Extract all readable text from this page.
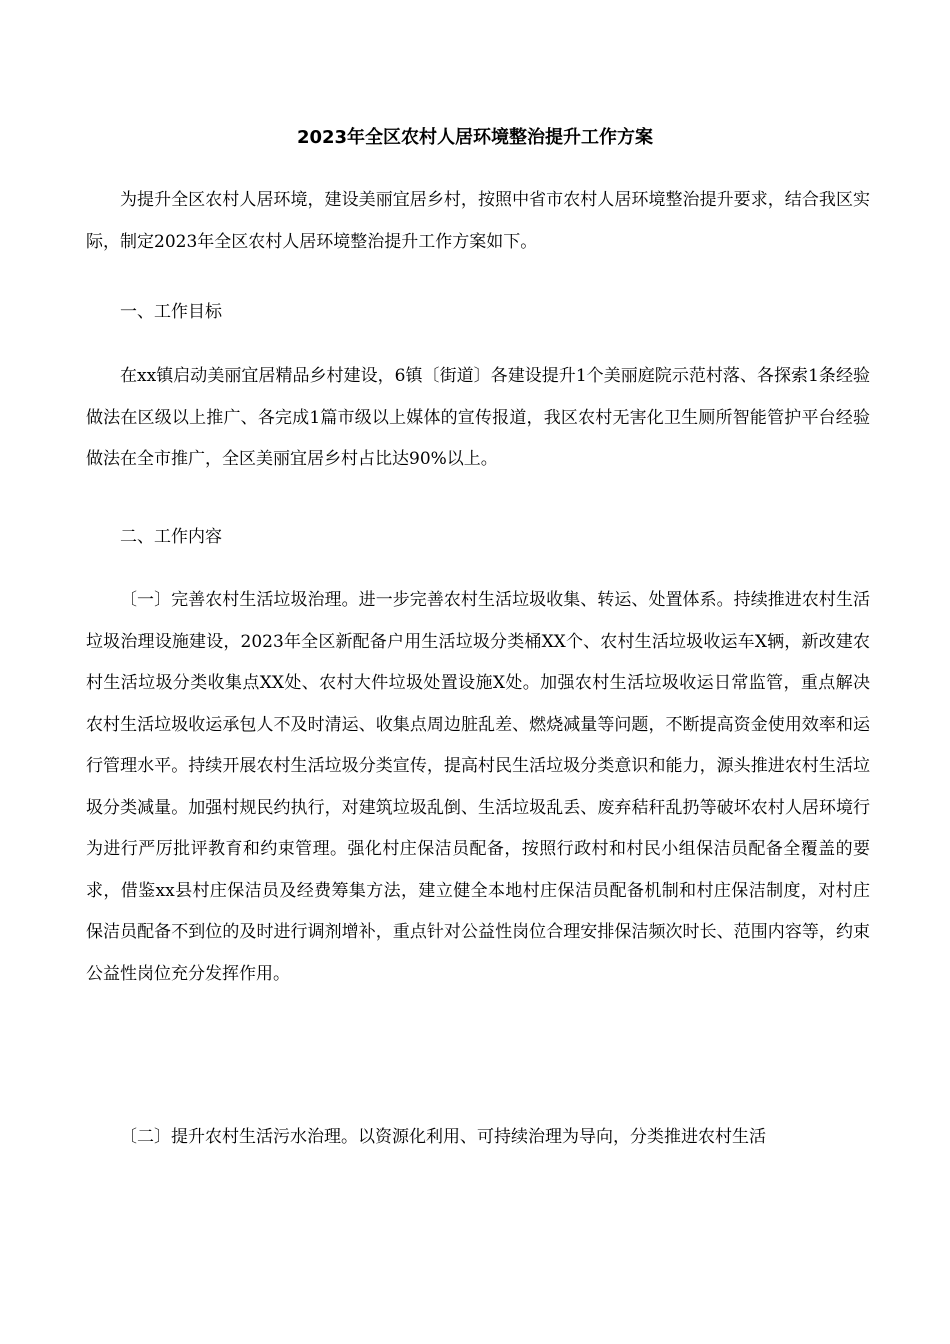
2023年全区农村人居环境整治提升工作方案

为提升全区农村人居环境，建设美丽宜居乡村，按照中省市农村人居环境整治提升要求，结合我区实际，制定2023年全区农村人居环境整治提升工作方案如下。

一、工作目标

在xx镇启动美丽宜居精品乡村建设，6镇〔街道〕各建设提升1个美丽庭院示范村落、各探索1条经验做法在区级以上推广、各完成1篇市级以上媒体的宣传报道，我区农村无害化卫生厕所智能管护平台经验做法在全市推广，全区美丽宜居乡村占比达90%以上。

二、工作内容

〔一〕完善农村生活垃圾治理。进一步完善农村生活垃圾收集、转运、处置体系。持续推进农村生活垃圾治理设施建设，2023年全区新配备户用生活垃圾分类桶XX个、农村生活垃圾收运车X辆，新改建农村生活垃圾分类收集点XX处、农村大件垃圾处置设施X处。加强农村生活垃圾收运日常监管，重点解决农村生活垃圾收运承包人不及时清运、收集点周边脏乱差、燃烧减量等问题，不断提高资金使用效率和运行管理水平。持续开展农村生活垃圾分类宣传，提高村民生活垃圾分类意识和能力，源头推进农村生活垃圾分类减量。加强村规民约执行，对建筑垃圾乱倒、生活垃圾乱丢、废弃秸秆乱扔等破坏农村人居环境行为进行严厉批评教育和约束管理。强化村庄保洁员配备，按照行政村和村民小组保洁员配备全覆盖的要求，借鉴xx县村庄保洁员及经费筹集方法，建立健全本地村庄保洁员配备机制和村庄保洁制度，对村庄保洁员配备不到位的及时进行调剂增补，重点针对公益性岗位合理安排保洁频次时长、范围内容等，约束公益性岗位充分发挥作用。

〔二〕提升农村生活污水治理。以资源化利用、可持续治理为导向，分类推进农村生活
